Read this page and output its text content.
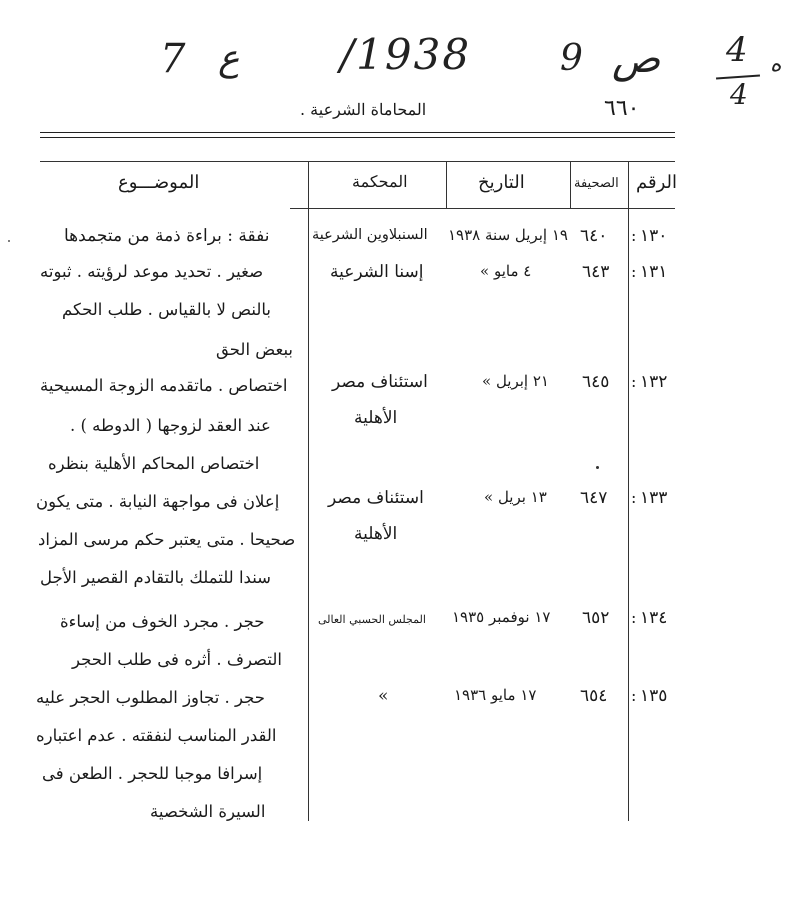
7 ع /1938 9 ص 4
4
ه
المحاماة الشرعية .	٦٦٠
الرقم
الصحيفة
التاريخ
المحكمة
الموضـــوع
١٣٠
:
٦٤٠
١٩ إبريل سنة ١٩٣٨
السنبلاوين الشرعية
نفقة : براءة ذمة من متجمدها
١٣١
:
٦٤٣
٤ مايو »
إسنا الشرعية
صغير . تحديد موعد لرؤيته . ثبوته
بالنص لا بالقياس . طلب الحكم
ببعض الحق
١٣٢
:
٦٤٥
٢١ إبريل »
استئناف مصر
الأهلية
اختصاص . ماتقدمه الزوجة المسيحية
عند العقد لزوجها ( الدوطه ) .
اختصاص المحاكم الأهلية بنظره
١٣٣
:
٦٤٧
١٣ بريل »
استئناف مصر
الأهلية
إعلان فى مواجهة النيابة . متى يكون
صحيحا . متى يعتبر حكم مرسى المزاد
سندا للتملك بالتقادم القصير الأجل
١٣٤
:
٦٥٢
١٧ نوفمبر ١٩٣٥
المجلس الحسبي العالى
حجر . مجرد الخوف من إساءة
التصرف . أثره فى طلب الحجر
١٣٥
:
٦٥٤
١٧ مايو ١٩٣٦
»
حجر . تجاوز المطلوب الحجر عليه
القدر المناسب لنفقته . عدم اعتباره
إسرافا موجبا للحجر . الطعن فى
السيرة الشخصية
